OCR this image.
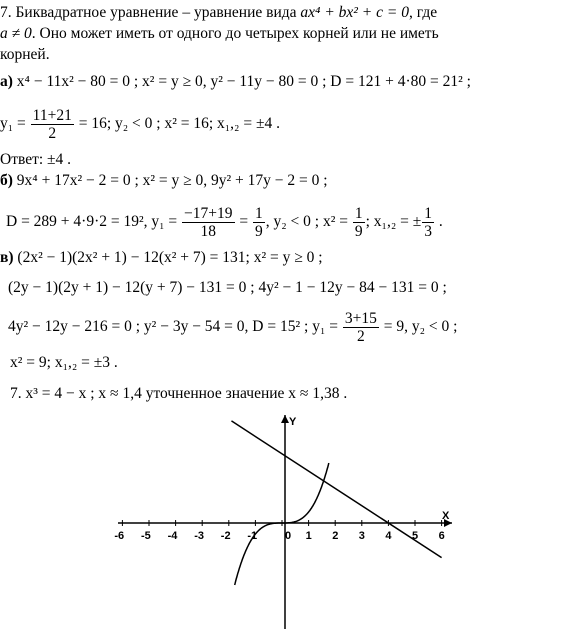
7. Биквадратное уравнение – уравнение вида ax⁴ + bx² + c = 0, где
a ≠ 0. Оно может иметь от одного до четырех корней или не иметь
корней.
а) x⁴ − 11x² − 80 = 0 ; x² = y ≥ 0, y² − 11y − 80 = 0 ; D = 121 + 4·80 = 21² ;
$y_1 = \frac{11+21}{2} = 16$; y₂ < 0 ; x² = 16; x₁,₂ = ±4 .
Ответ: ±4 .
б) 9x⁴ + 17x² − 2 = 0 ; x² = y ≥ 0, 9y² + 17y − 2 = 0 ;
D = 289 + 4·9·2 = 19², $y_1 = \frac{-17+19}{18} = \frac{1}{9}$ , y₂ < 0 ; $x^2 = \frac{1}{9}$ ; x₁,₂ = ± $\frac{1}{3}$ .
в) (2x² − 1)(2x² + 1) − 12(x² + 7) = 131; x² = y ≥ 0 ;
(2y − 1)(2y + 1) − 12(y + 7) − 131 = 0 ; 4y² − 1 − 12y − 84 − 131 = 0 ;
4y² − 12y − 216 = 0 ; y² − 3y − 54 = 0, D = 15² ; $y_1 = \frac{3+15}{2} = 9$, y₂ < 0 ;
x² = 9; x₁,₂ = ±3 .
7. x³ = 4 − x ; x ≈ 1,4 уточненное значение x ≈ 1,38 .
X
Y
-6 -5 -4 -3 -2 -1	0 1 2 3 4 5 6
